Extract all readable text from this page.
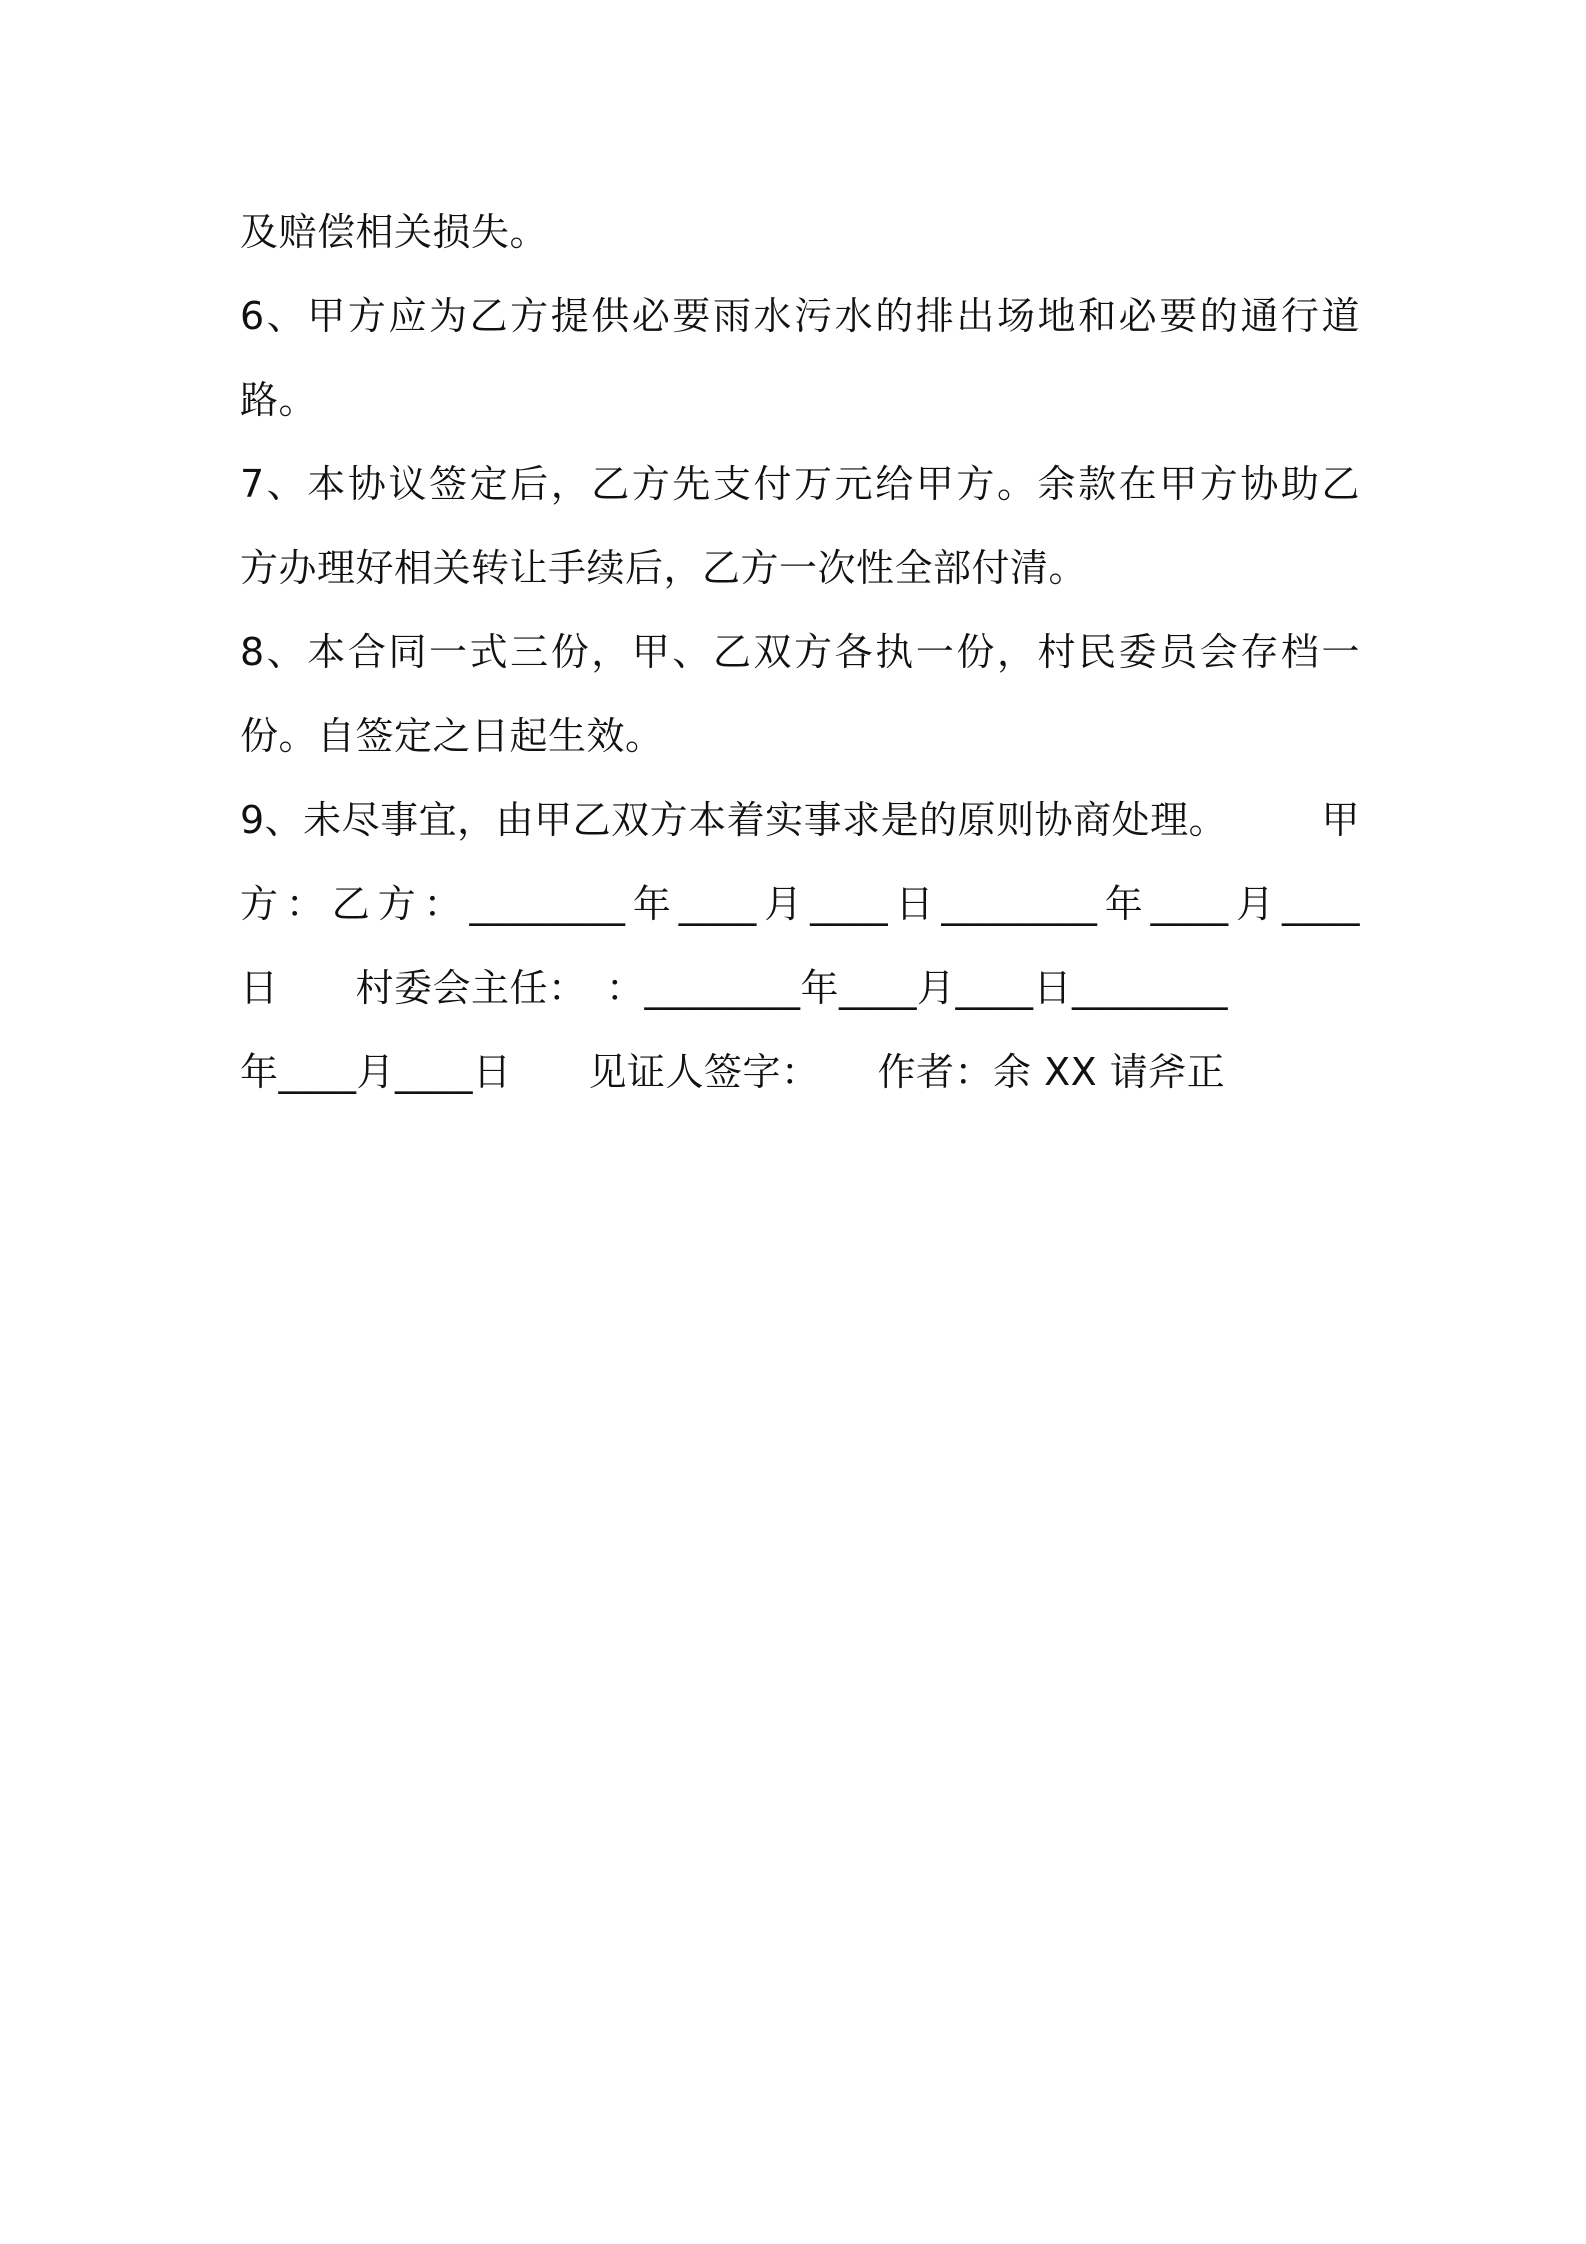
及赔偿相关损失。
6、甲方应为乙方提供必要雨水污水的排出场地和必要的通行道
路。
7、本协议签定后，乙方先支付万元给甲方。余款在甲方协助乙
方办理好相关转让手续后，乙方一次性全部付清。
8、本合同一式三份，甲、乙双方各执一份，村民委员会存档一
份。自签定之日起生效。
9、未尽事宜，由甲乙双方本着实事求是的原则协商处理。 甲
方：乙方：________年____月____日________年____月____
日　　村委会主任：　：________年____月____日________
年____月____日　　见证人签字：　　作者：余 XX 请斧正
